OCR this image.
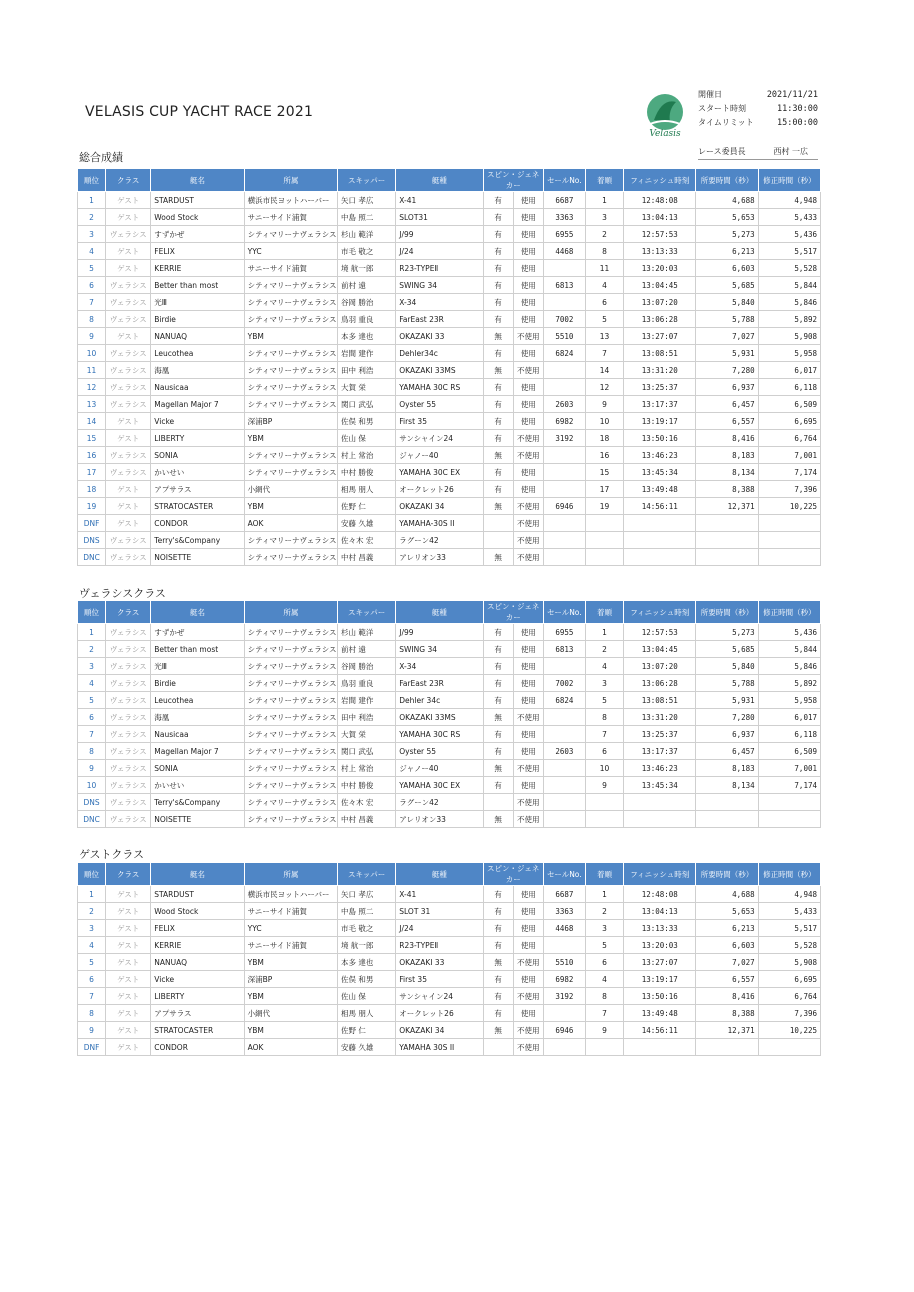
VELASIS CUP YACHT RACE 2021
Velasis
開催日	2021/11/21
スタート時刻	11:30:00
タイムリミット	15:00:00
レース委員長	西村 一広
総合成績
順位	クラス	艇名	所属	スキッパー	艇種	スピン・ジェネカー		セールNo.	着順	フィニッシュ時刻	所要時間（秒）	修正時間（秒）
1	ゲスト	STARDUST	横浜市民ヨットハーバー	矢口 孝広	X-41	有	使用	6687	1	12:48:08	4,688	4,948
2	ゲスト	Wood Stock	サニーサイド浦賀	中島 照二	SLOT31	有	使用	3363	3	13:04:13	5,653	5,433
3	ヴェラシス	すずかぜ	シティマリーナヴェラシス	杉山 範洋	J/99	有	使用	6955	2	12:57:53	5,273	5,436
4	ゲスト	FELIX	YYC	市毛 敬之	J/24	有	使用	4468	8	13:13:33	6,213	5,517
5	ゲスト	KERRIE	サニーサイド浦賀	境 航一郎	R23-TYPEⅡ	有	使用		11	13:20:03	6,603	5,528
6	ヴェラシス	Better than most	シティマリーナヴェラシス	前村 遠	SWING 34	有	使用	6813	4	13:04:45	5,685	5,844
7	ヴェラシス	光Ⅲ	シティマリーナヴェラシス	谷岡 勝治	X-34	有	使用		6	13:07:20	5,840	5,846
8	ヴェラシス	Birdie	シティマリーナヴェラシス	鳥羽 重良	FarEast 23R	有	使用	7002	5	13:06:28	5,788	5,892
9	ゲスト	NANUAQ	YBM	本多 達也	OKAZAKI 33	無	不使用	5510	13	13:27:07	7,027	5,908
10	ヴェラシス	Leucothea	シティマリーナヴェラシス	岩間 建作	Dehler34c	有	使用	6824	7	13:08:51	5,931	5,958
11	ヴェラシス	海凰	シティマリーナヴェラシス	田中 利浩	OKAZAKI 33MS	無	不使用		14	13:31:20	7,280	6,017
12	ヴェラシス	Nausicaa	シティマリーナヴェラシス	大賀 栄	YAMAHA 30C RS	有	使用		12	13:25:37	6,937	6,118
13	ヴェラシス	Magellan Major 7	シティマリーナヴェラシス	関口 武弘	Oyster 55	有	使用	2603	9	13:17:37	6,457	6,509
14	ゲスト	Vicke	深浦BP	佐俣 和男	First 35	有	使用	6982	10	13:19:17	6,557	6,695
15	ゲスト	LIBERTY	YBM	佐山 保	サンシャイン24	有	不使用	3192	18	13:50:16	8,416	6,764
16	ヴェラシス	SONIA	シティマリーナヴェラシス	村上 常治	ジャノー40	無	不使用		16	13:46:23	8,183	7,001
17	ヴェラシス	かいせい	シティマリーナヴェラシス	中村 勝俊	YAMAHA 30C EX	有	使用		15	13:45:34	8,134	7,174
18	ゲスト	アプサラス	小網代	相馬 朋人	オークレット26	有	使用		17	13:49:48	8,388	7,396
19	ゲスト	STRATOCASTER	YBM	佐野 仁	OKAZAKI 34	無	不使用	6946	19	14:56:11	12,371	10,225
DNF	ゲスト	CONDOR	AOK	安藤 久雄	YAMAHA-30S II		不使用					
DNS	ヴェラシス	Terry's&Company	シティマリーナヴェラシス	佐々木 宏	ラグーン42		不使用					
DNC	ヴェラシス	NOISETTE	シティマリーナヴェラシス	中村 昌義	アレリオン33	無	不使用					
ヴェラシスクラス
順位	クラス	艇名	所属	スキッパー	艇種	スピン・ジェネカー		セールNo.	着順	フィニッシュ時刻	所要時間（秒）	修正時間（秒）
1	ヴェラシス	すずかぜ	シティマリーナヴェラシス	杉山 範洋	J/99	有	使用	6955	1	12:57:53	5,273	5,436
2	ヴェラシス	Better than most	シティマリーナヴェラシス	前村 遠	SWING 34	有	使用	6813	2	13:04:45	5,685	5,844
3	ヴェラシス	光Ⅲ	シティマリーナヴェラシス	谷岡 勝治	X-34	有	使用		4	13:07:20	5,840	5,846
4	ヴェラシス	Birdie	シティマリーナヴェラシス	鳥羽 重良	FarEast 23R	有	使用	7002	3	13:06:28	5,788	5,892
5	ヴェラシス	Leucothea	シティマリーナヴェラシス	岩間 建作	Dehler 34c	有	使用	6824	5	13:08:51	5,931	5,958
6	ヴェラシス	海凰	シティマリーナヴェラシス	田中 利浩	OKAZAKI 33MS	無	不使用		8	13:31:20	7,280	6,017
7	ヴェラシス	Nausicaa	シティマリーナヴェラシス	大賀 栄	YAMAHA 30C RS	有	使用		7	13:25:37	6,937	6,118
8	ヴェラシス	Magellan Major 7	シティマリーナヴェラシス	関口 武弘	Oyster 55	有	使用	2603	6	13:17:37	6,457	6,509
9	ヴェラシス	SONIA	シティマリーナヴェラシス	村上 常治	ジャノー40	無	不使用		10	13:46:23	8,183	7,001
10	ヴェラシス	かいせい	シティマリーナヴェラシス	中村 勝俊	YAMAHA 30C EX	有	使用		9	13:45:34	8,134	7,174
DNS	ヴェラシス	Terry's&Company	シティマリーナヴェラシス	佐々木 宏	ラグーン42		不使用					
DNC	ヴェラシス	NOISETTE	シティマリーナヴェラシス	中村 昌義	アレリオン33	無	不使用					
ゲストクラス
順位	クラス	艇名	所属	スキッパー	艇種	スピン・ジェネカー		セールNo.	着順	フィニッシュ時刻	所要時間（秒）	修正時間（秒）
1	ゲスト	STARDUST	横浜市民ヨットハーバー	矢口 孝広	X-41	有	使用	6687	1	12:48:08	4,688	4,948
2	ゲスト	Wood Stock	サニーサイド浦賀	中島 照二	SLOT 31	有	使用	3363	2	13:04:13	5,653	5,433
3	ゲスト	FELIX	YYC	市毛 敬之	J/24	有	使用	4468	3	13:13:33	6,213	5,517
4	ゲスト	KERRIE	サニーサイド浦賀	境 航一郎	R23-TYPEⅡ	有	使用		5	13:20:03	6,603	5,528
5	ゲスト	NANUAQ	YBM	本多 達也	OKAZAKI 33	無	不使用	5510	6	13:27:07	7,027	5,908
6	ゲスト	Vicke	深浦BP	佐俣 和男	First 35	有	使用	6982	4	13:19:17	6,557	6,695
7	ゲスト	LIBERTY	YBM	佐山 保	サンシャイン24	有	不使用	3192	8	13:50:16	8,416	6,764
8	ゲスト	アプサラス	小網代	相馬 朋人	オークレット26	有	使用		7	13:49:48	8,388	7,396
9	ゲスト	STRATOCASTER	YBM	佐野 仁	OKAZAKI 34	無	不使用	6946	9	14:56:11	12,371	10,225
DNF	ゲスト	CONDOR	AOK	安藤 久雄	YAMAHA 30S II		不使用					
